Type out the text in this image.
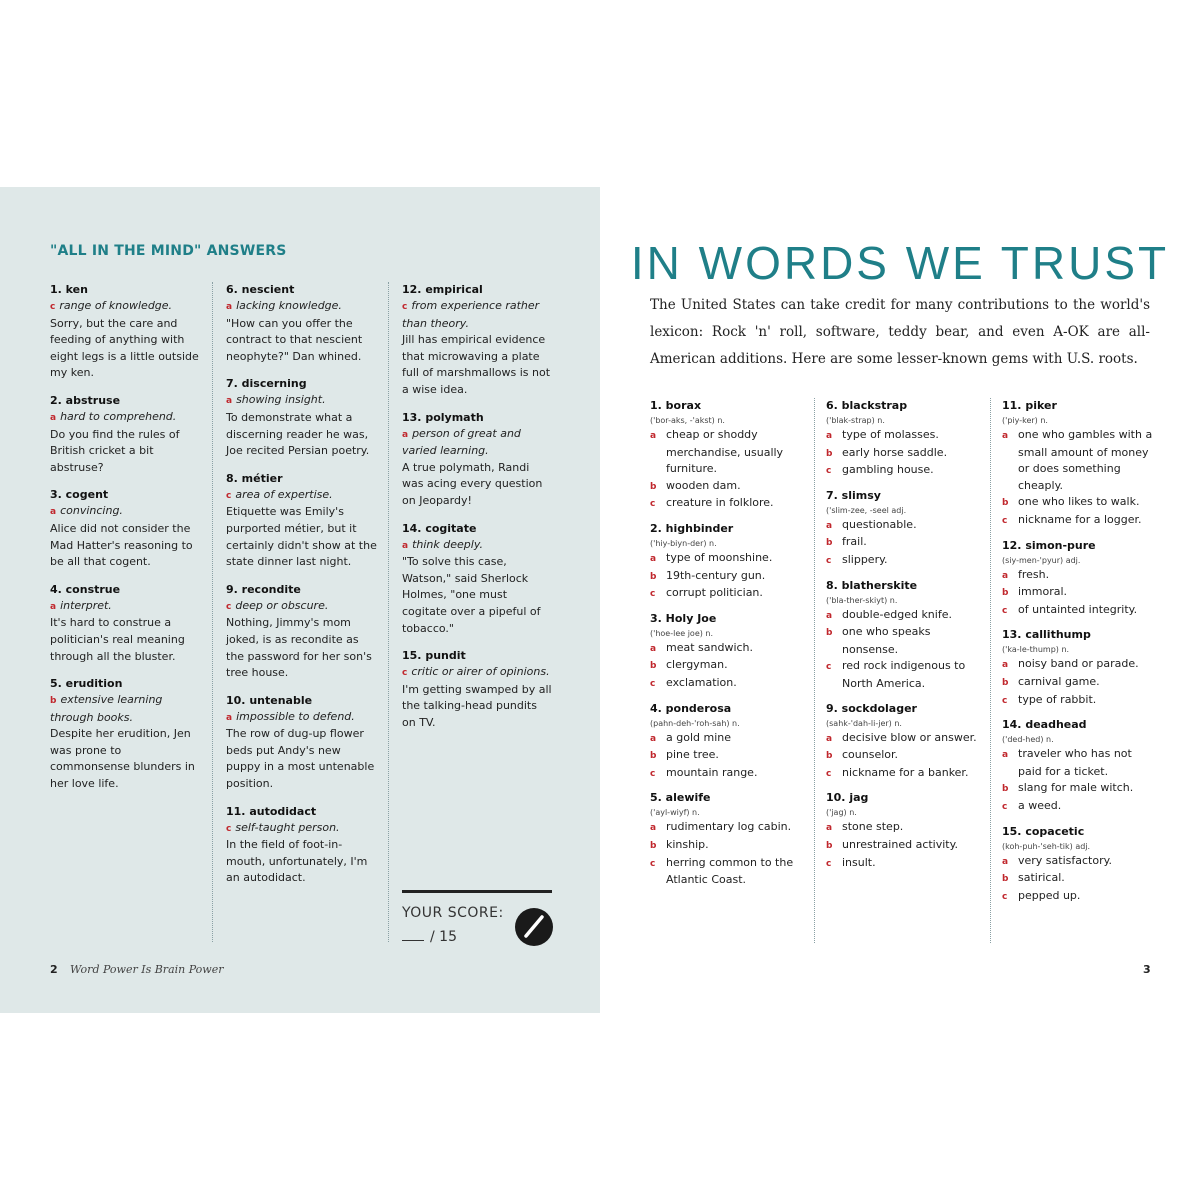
"ALL IN THE MIND" ANSWERS
1. ken
c range of knowledge.
Sorry, but the care and feeding of anything with eight legs is a little outside my ken.
2. abstruse
a hard to comprehend.
Do you find the rules of British cricket a bit abstruse?
3. cogent
a convincing.
Alice did not consider the Mad Hatter's reasoning to be all that cogent.
4. construe
a interpret.
It's hard to construe a politician's real meaning through all the bluster.
5. erudition
b extensive learning through books.
Despite her erudition, Jen was prone to commonsense blunders in her love life.
6. nescient
a lacking knowledge.
"How can you offer the contract to that nescient neophyte?" Dan whined.
7. discerning
a showing insight.
To demonstrate what a discerning reader he was, Joe recited Persian poetry.
8. métier
c area of expertise.
Etiquette was Emily's purported métier, but it certainly didn't show at the state dinner last night.
9. recondite
c deep or obscure.
Nothing, Jimmy's mom joked, is as recondite as the password for her son's tree house.
10. untenable
a impossible to defend.
The row of dug-up flower beds put Andy's new puppy in a most untenable position.
11. autodidact
c self-taught person.
In the field of foot-in-mouth, unfortunately, I'm an autodidact.
12. empirical
c from experience rather than theory.
Jill has empirical evidence that microwaving a plate full of marshmallows is not a wise idea.
13. polymath
a person of great and varied learning.
A true polymath, Randi was acing every question on Jeopardy!
14. cogitate
a think deeply.
"To solve this case, Watson," said Sherlock Holmes, "one must cogitate over a pipeful of tobacco."
15. pundit
c critic or airer of opinions.
I'm getting swamped by all the talking-head pundits on TV.
YOUR SCORE:
/ 15
2 Word Power Is Brain Power
IN WORDS WE TRUST
The United States can take credit for many contributions to the world's lexicon: Rock 'n' roll, software, teddy bear, and even A-OK are all-American additions. Here are some lesser-known gems with U.S. roots.
1. borax
('bor-aks, -'akst) n.
a cheap or shoddy merchandise, usually furniture.
b wooden dam.
c creature in folklore.
2. highbinder
('hiy-biyn-der) n.
a type of moonshine.
b 19th-century gun.
c corrupt politician.
3. Holy Joe
('hoe-lee joe) n.
a meat sandwich.
b clergyman.
c exclamation.
4. ponderosa
(pahn-deh-'roh-sah) n.
a a gold mine
b pine tree.
c mountain range.
5. alewife
('ayl-wiyf) n.
a rudimentary log cabin.
b kinship.
c herring common to the Atlantic Coast.
6. blackstrap
('blak-strap) n.
a type of molasses.
b early horse saddle.
c gambling house.
7. slimsy
('slim-zee, -seel adj.
a questionable.
b frail.
c slippery.
8. blatherskite
('bla-ther-skiyt) n.
a double-edged knife.
b one who speaks nonsense.
c red rock indigenous to North America.
9. sockdolager
(sahk-'dah-li-jer) n.
a decisive blow or answer.
b counselor.
c nickname for a banker.
10. jag
('jag) n.
a stone step.
b unrestrained activity.
c insult.
11. piker
('piy-ker) n.
a one who gambles with a small amount of money or does something cheaply.
b one who likes to walk.
c nickname for a logger.
12. simon-pure
(siy-men-'pyur) adj.
a fresh.
b immoral.
c of untainted integrity.
13. callithump
('ka-le-thump) n.
a noisy band or parade.
b carnival game.
c type of rabbit.
14. deadhead
('ded-hed) n.
a traveler who has not paid for a ticket.
b slang for male witch.
c a weed.
15. copacetic
(koh-puh-'seh-tik) adj.
a very satisfactory.
b satirical.
c pepped up.
3
